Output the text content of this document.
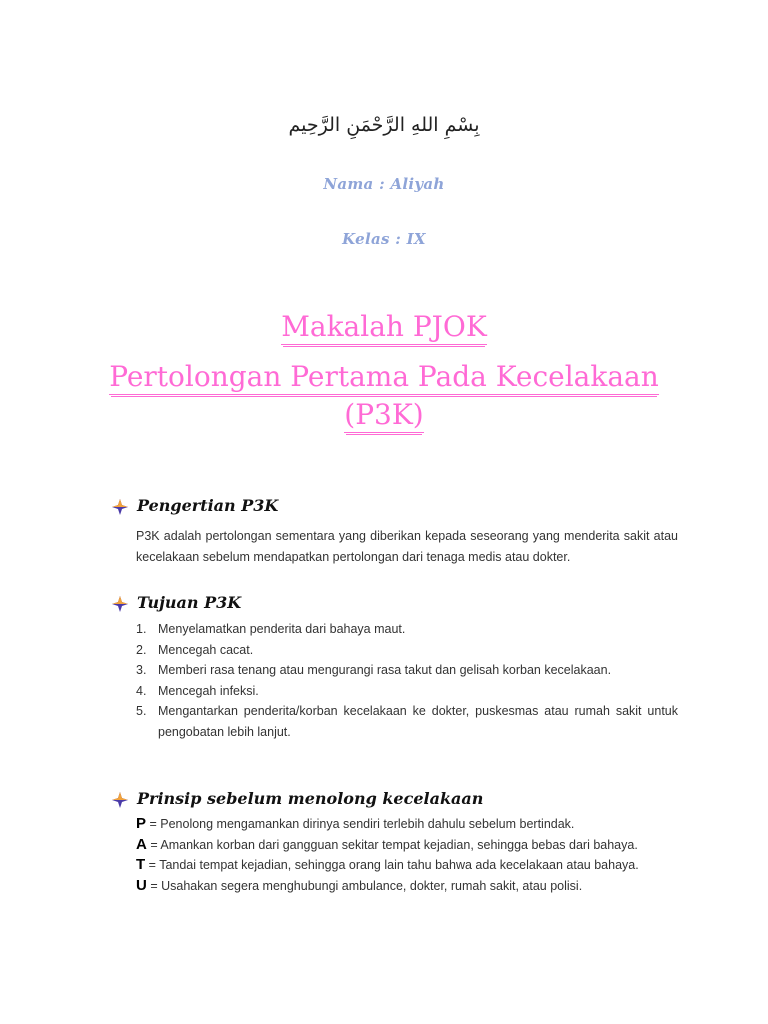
بِسْمِ اللهِ الرَّحْمَنِ الرَّحِيم
Nama : Aliyah
Kelas : IX
Makalah PJOK
Pertolongan Pertama Pada Kecelakaan
(P3K)
Pengertian P3K
P3K adalah pertolongan sementara yang diberikan kepada seseorang yang menderita sakit atau kecelakaan sebelum mendapatkan pertolongan dari tenaga medis atau dokter.
Tujuan P3K
1. Menyelamatkan penderita dari bahaya maut.
2. Mencegah cacat.
3. Memberi rasa tenang atau mengurangi rasa takut dan gelisah korban kecelakaan.
4. Mencegah infeksi.
5. Mengantarkan penderita/korban kecelakaan ke dokter, puskesmas atau rumah sakit untuk pengobatan lebih lanjut.
Prinsip sebelum menolong kecelakaan
P = Penolong mengamankan dirinya sendiri terlebih dahulu sebelum bertindak.
A = Amankan korban dari gangguan sekitar tempat kejadian, sehingga bebas dari bahaya.
T = Tandai tempat kejadian, sehingga orang lain tahu bahwa ada kecelakaan atau bahaya.
U = Usahakan segera menghubungi ambulance, dokter, rumah sakit, atau polisi.
